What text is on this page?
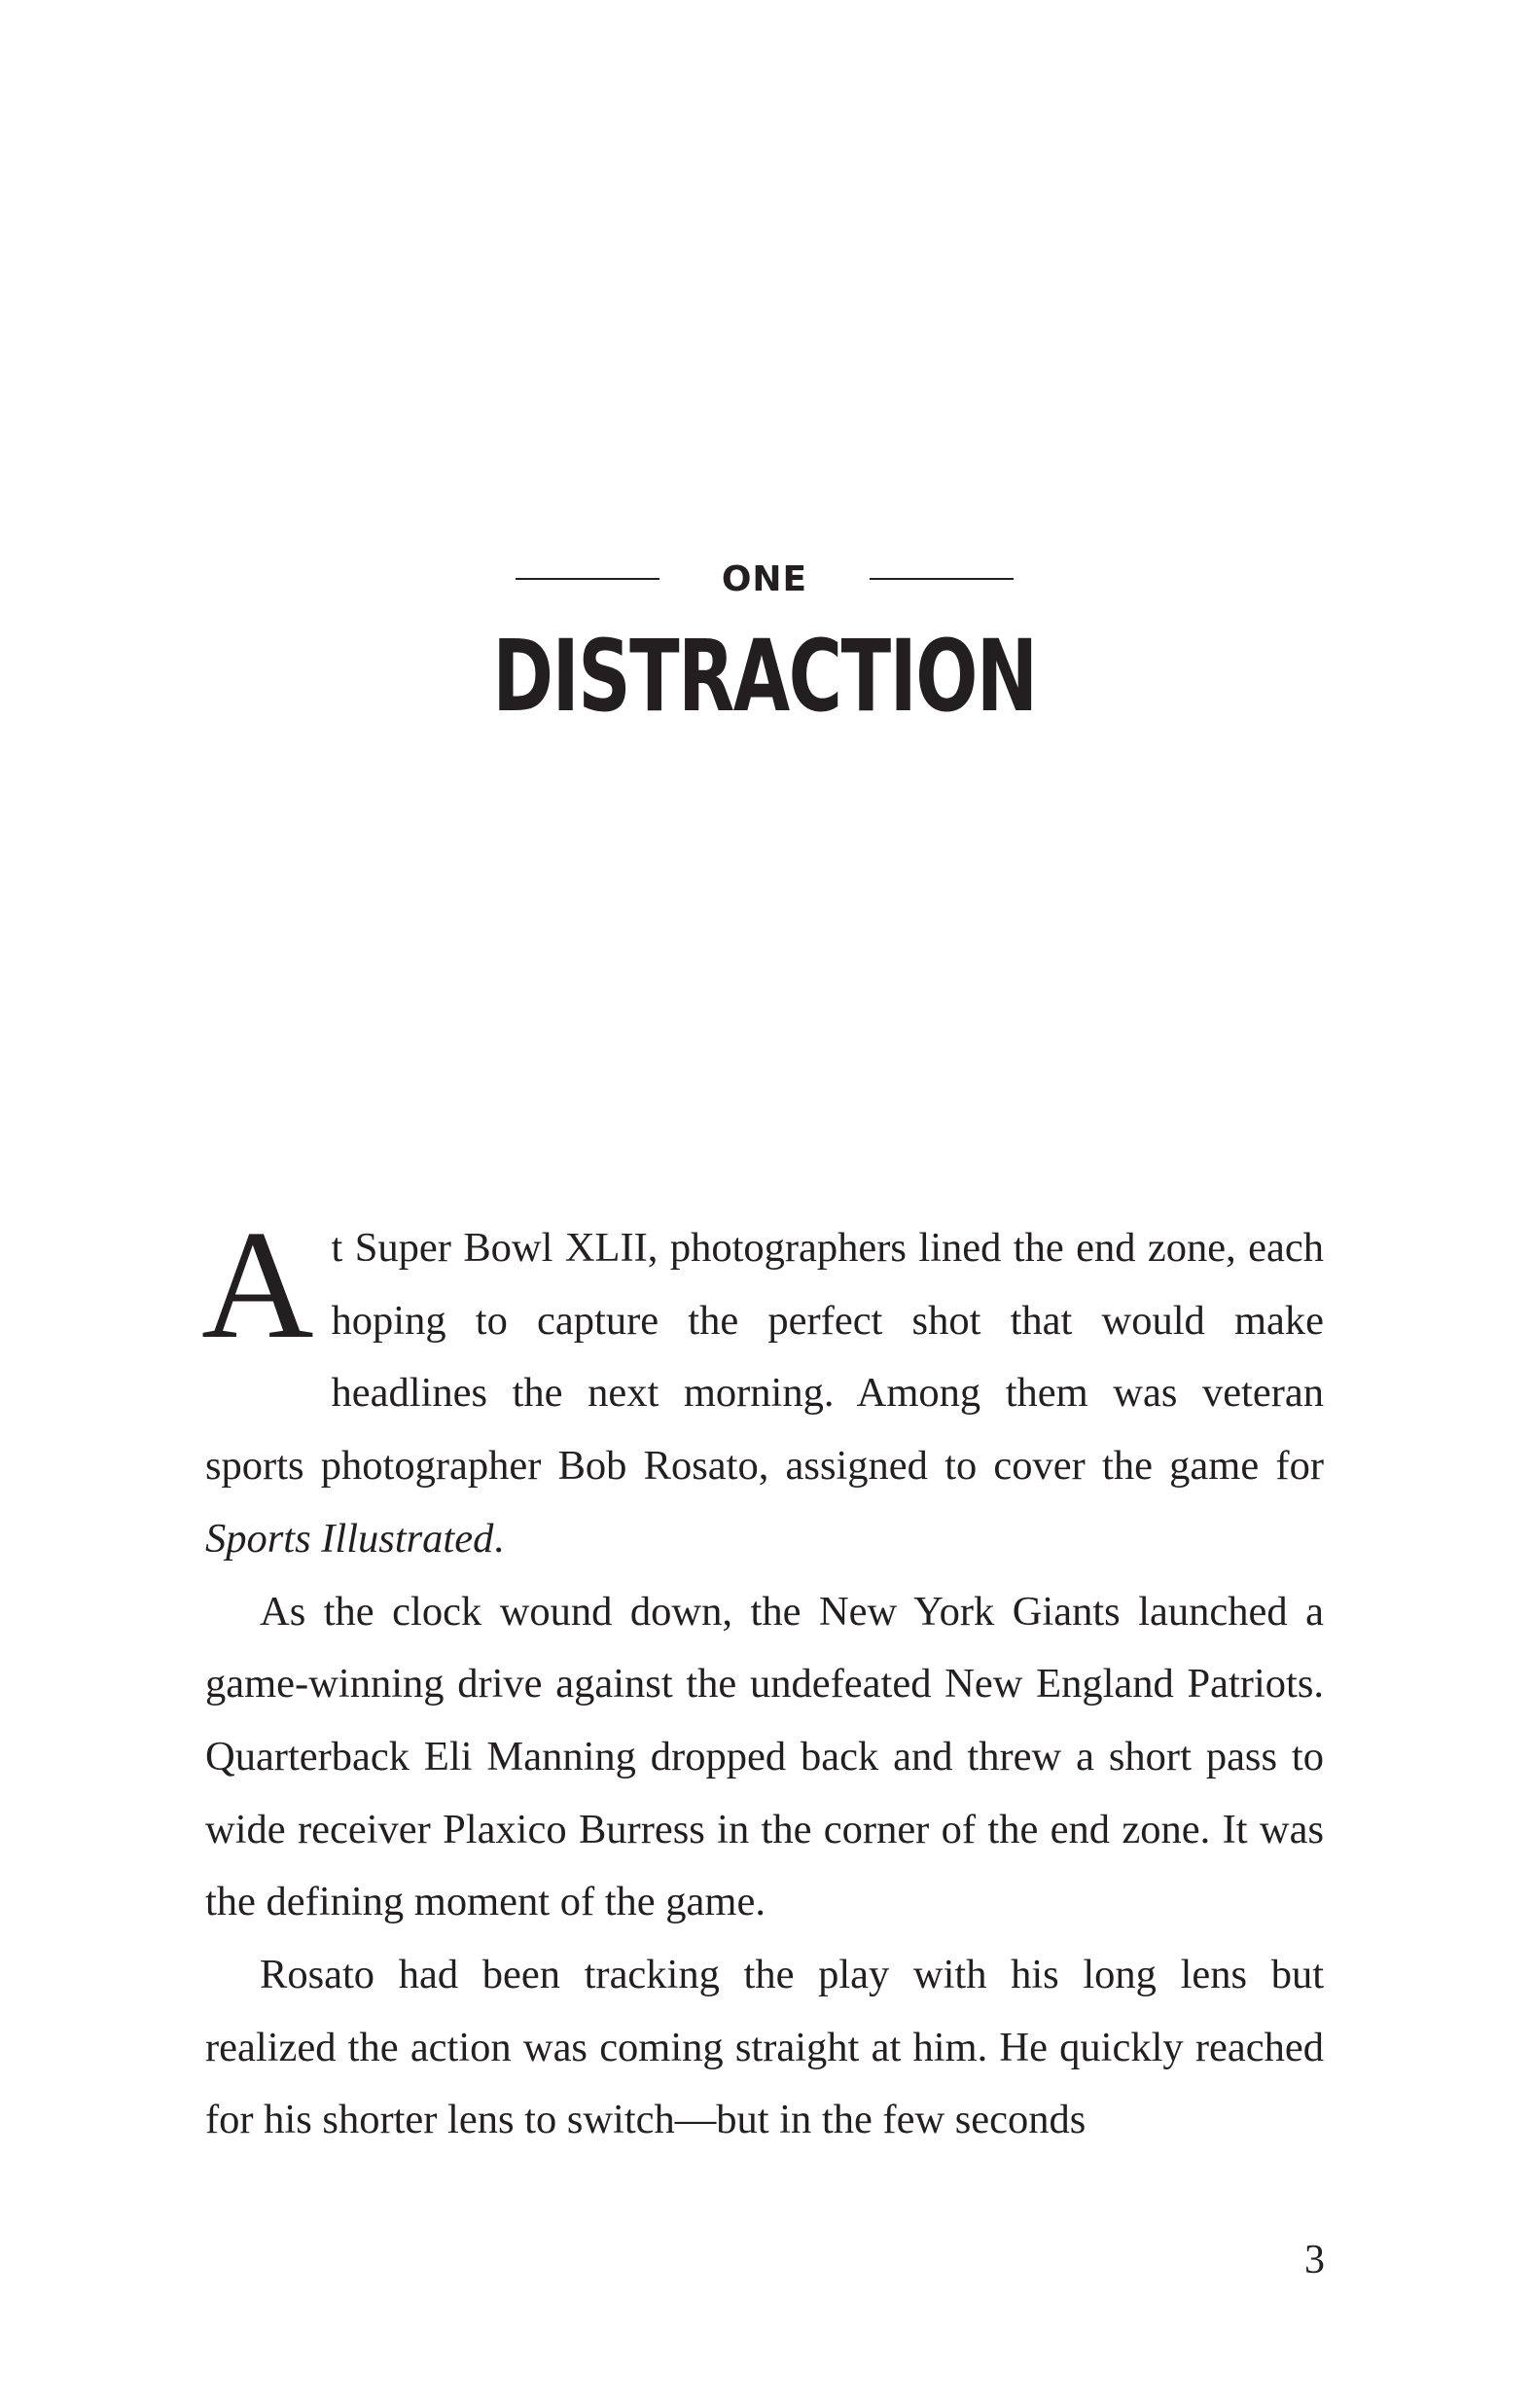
ONE
DISTRACTION

At Super Bowl XLII, photographers lined the end zone, each hoping to capture the perfect shot that would make headlines the next morning. Among them was veteran sports photographer Bob Rosato, assigned to cover the game for Sports Illustrated.

As the clock wound down, the New York Giants launched a game-winning drive against the undefeated New England Patriots. Quarterback Eli Manning dropped back and threw a short pass to wide receiver Plaxico Burress in the corner of the end zone. It was the defining moment of the game.

Rosato had been tracking the play with his long lens but realized the action was coming straight at him. He quickly reached for his shorter lens to switch—but in the few seconds

3
